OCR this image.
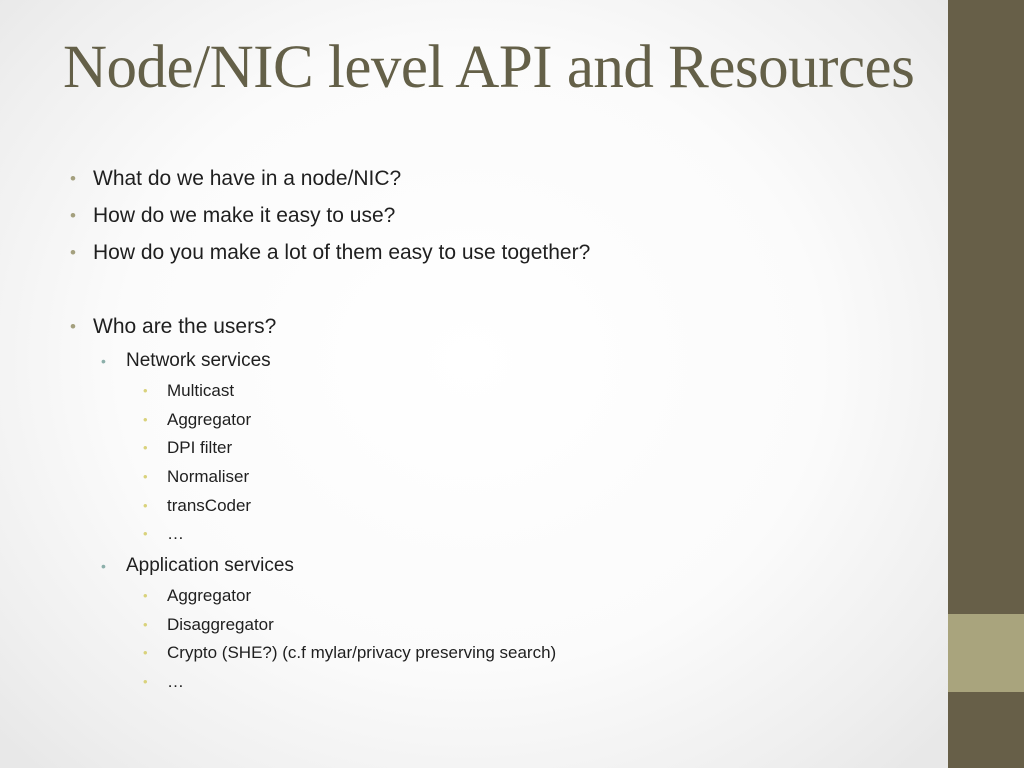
Node/NIC level API and Resources
• What do we have in a node/NIC?
• How do we make it easy to use?
• How do you make a lot of them easy to use together?
• Who are the users?
• Network services
• Multicast
• Aggregator
• DPI filter
• Normaliser
• transCoder
• …
• Application services
• Aggregator
• Disaggregator
• Crypto (SHE?) (c.f mylar/privacy preserving search)
• …
